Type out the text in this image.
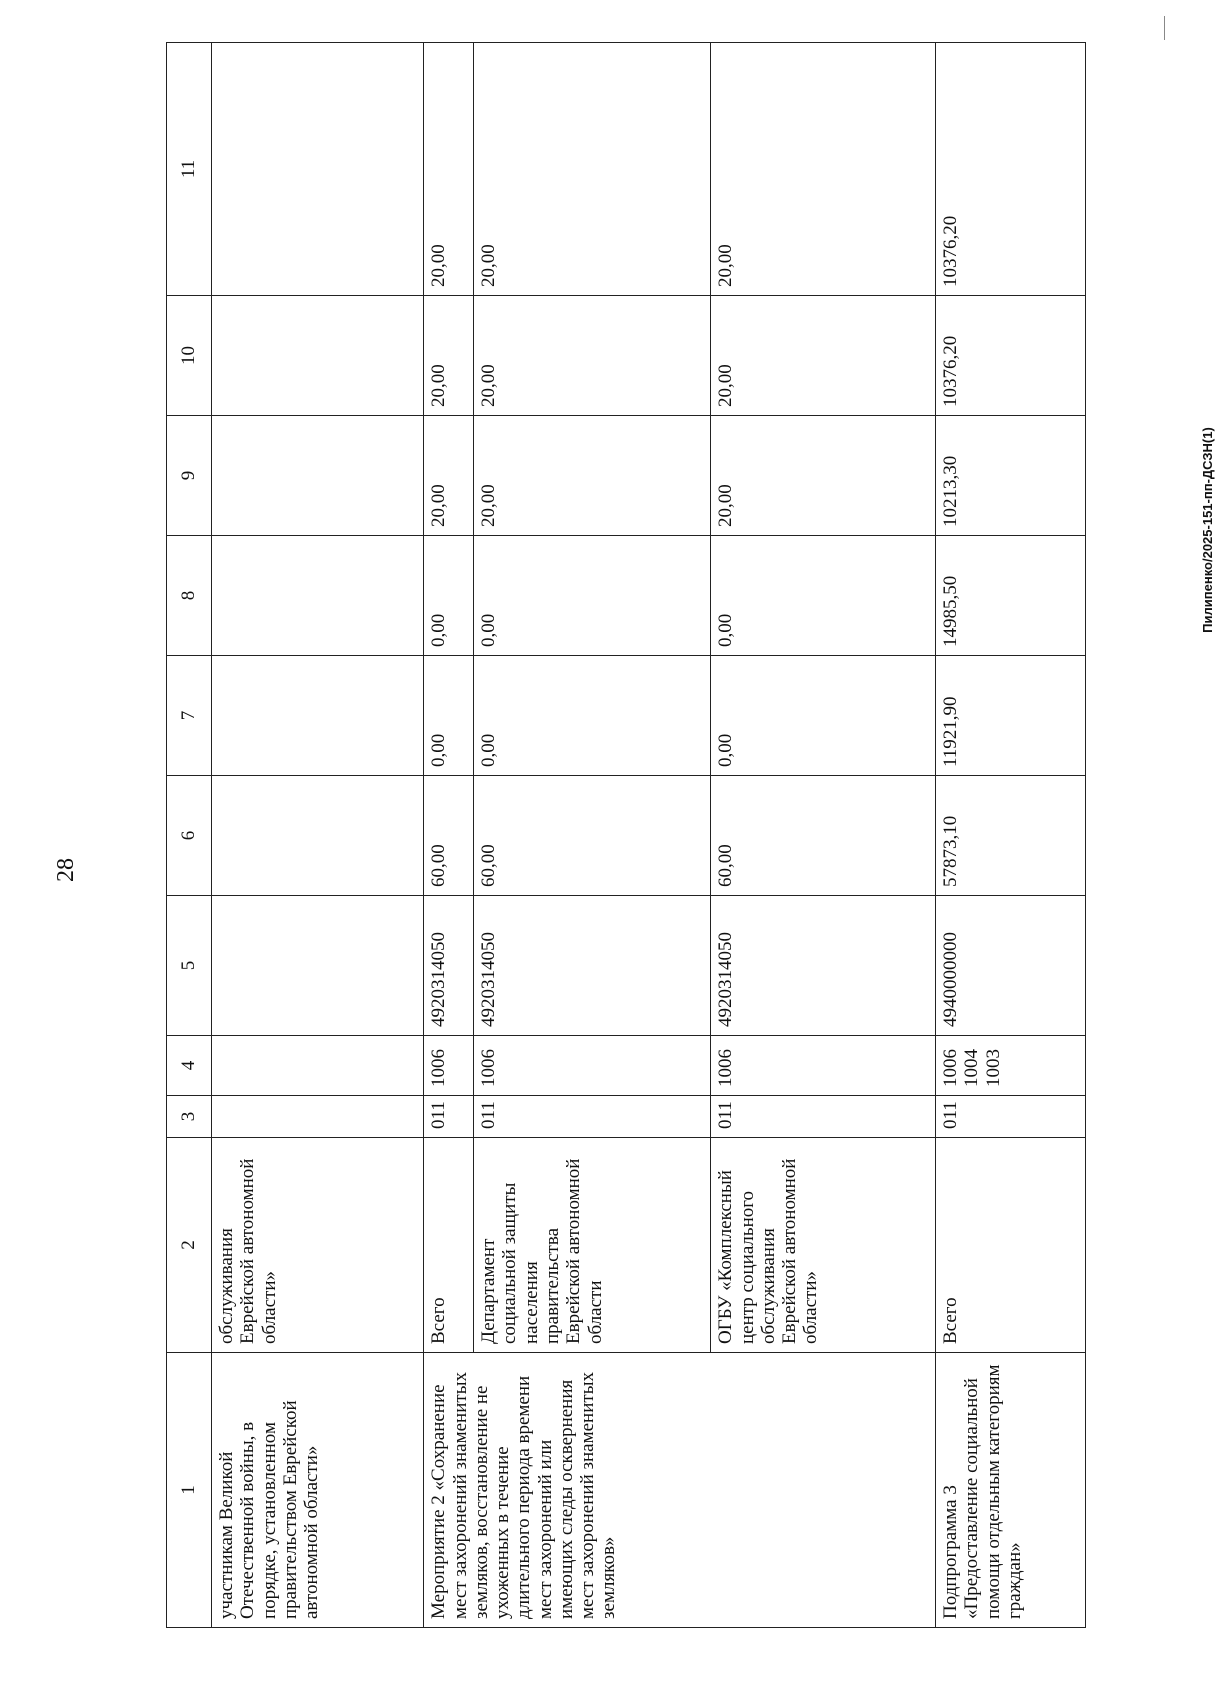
28
1	2	3	4	5	6	7	8	9	10	11
участникам Великой Отечественной войны, в порядке, установленном правительством Еврейской автономной области»	обслуживания Еврейской автономной области»									
Мероприятие 2 «Сохранение мест захоронений знаменитых земляков, восстановление не ухоженных в течение длительного периода времени мест захоронений или имеющих следы осквернения мест захоронений знаменитых земляков»	Всего	011	1006	4920314050	60,00	0,00	0,00	20,00	20,00	20,00
	Департамент социальной защиты населения правительства Еврейской автономной области	011	1006	4920314050	60,00	0,00	0,00	20,00	20,00	20,00
	ОГБУ «Комплексный центр социального обслуживания Еврейской автономной области»	011	1006	4920314050	60,00	0,00	0,00	20,00	20,00	20,00
Подпрограмма 3 «Предоставление социальной помощи отдельным категориям граждан»	Всего	011	1006 1004 1003	4940000000	57873,10	11921,90	14985,50	10213,30	10376,20	10376,20
Пилипенко/2025-151-пп-ДСЗН(1)
